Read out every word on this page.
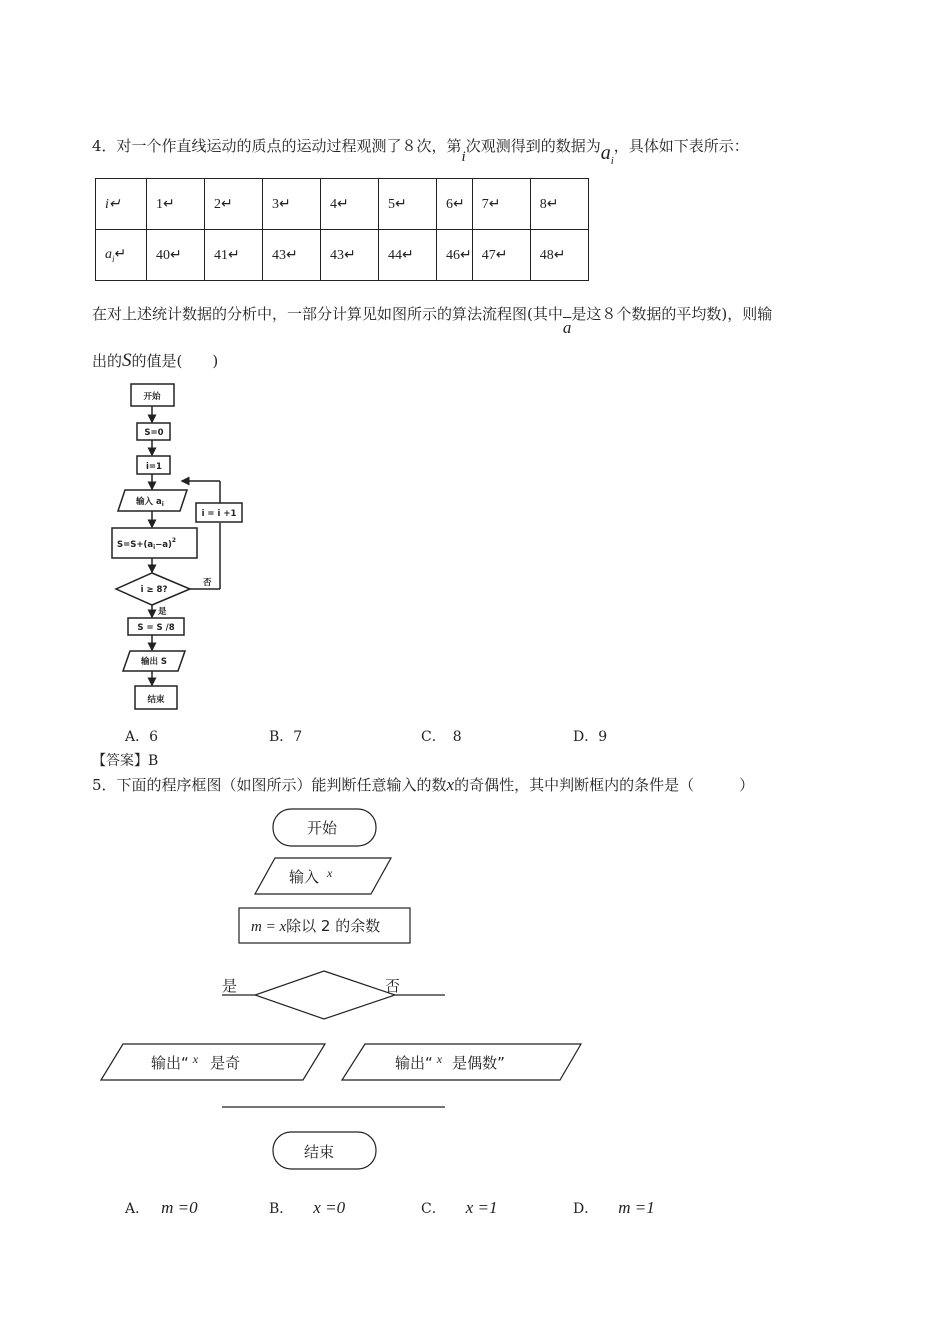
4．对一个作直线运动的质点的运动过程观测了８次，第i次观测得到的数据为$a_i$，具体如下表所示：
i↵	1↵	2↵	3↵	4↵	5↵	6↵	7↵	8↵
$a_i↵$	40↵	41↵	43↵	43↵	44↵	46↵	47↵	48↵
在对上述统计数据的分析中，一部分计算见如图所示的算法流程图(其中$\overline{a}$是这８个数据的平均数)，则输
出的S的值是(　　)
开始
S=0
i=1
输入 $a_i$
i = i +1
$S=S+(a_i-a)^2$
i ≥ 8?
否
是
S = S /8
输出 S
结束
A．6	B．7	C．　8	D．9
【答案】B
5．下面的程序框图（如图所示）能判断任意输入的数x的奇偶性，其中判断框内的条件是（　　　）
开始
输入 $^x$
m = x除以 2 的余数
是	否
输出“ $^x$ 是奇	输出“ $^x$ 是偶数”
结束
A． m =0	B． x =0	C． x =1	D． m =1
